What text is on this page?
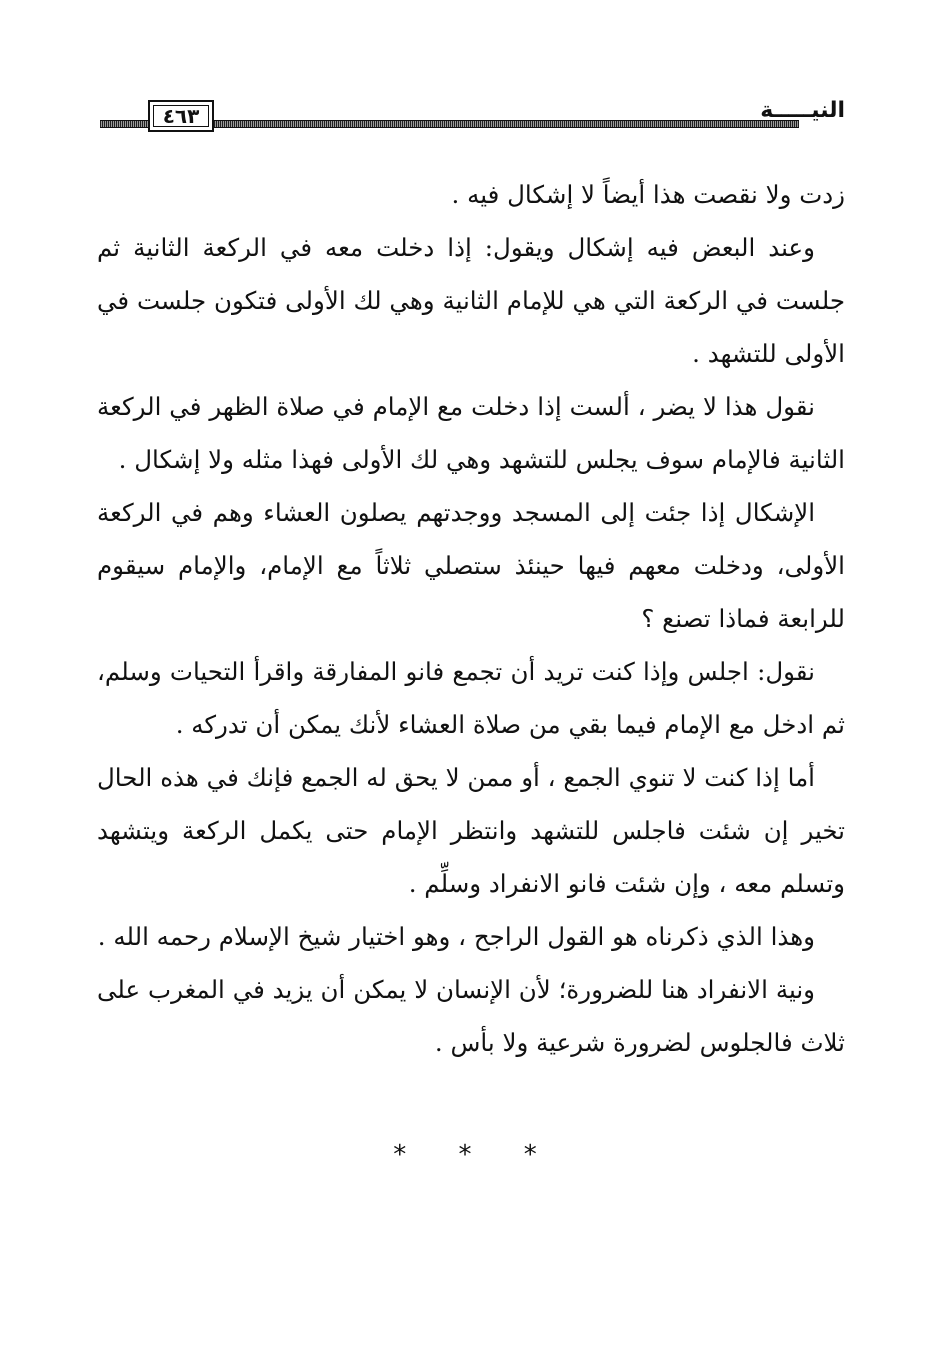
٤٦٣	النيـــــة

زدت ولا نقصت هذا أيضاً لا إشكال فيه .

وعند البعض فيه إشكال ويقول: إذا دخلت معه في الركعة الثانية ثم جلست في الركعة التي هي للإمام الثانية وهي لك الأولى فتكون جلست في الأولى للتشهد .

نقول هذا لا يضر ، ألست إذا دخلت مع الإمام في صلاة الظهر في الركعة الثانية فالإمام سوف يجلس للتشهد وهي لك الأولى فهذا مثله ولا إشكال .

الإشكال إذا جئت إلى المسجد ووجدتهم يصلون العشاء وهم في الركعة الأولى، ودخلت معهم فيها حينئذ ستصلي ثلاثاً مع الإمام، والإمام سيقوم للرابعة فماذا تصنع ؟

نقول: اجلس وإذا كنت تريد أن تجمع فانو المفارقة واقرأ التحيات وسلم، ثم ادخل مع الإمام فيما بقي من صلاة العشاء لأنك يمكن أن تدركه .

أما إذا كنت لا تنوي الجمع ، أو ممن لا يحق له الجمع فإنك في هذه الحال تخير إن شئت فاجلس للتشهد وانتظر الإمام حتى يكمل الركعة ويتشهد وتسلم معه ، وإن شئت فانو الانفراد وسلِّم .

وهذا الذي ذكرناه هو القول الراجح ، وهو اختيار شيخ الإسلام رحمه الله .

ونية الانفراد هنا للضرورة؛ لأن الإنسان لا يمكن أن يزيد في المغرب على ثلاث فالجلوس لضرورة شرعية ولا بأس .

* * *
